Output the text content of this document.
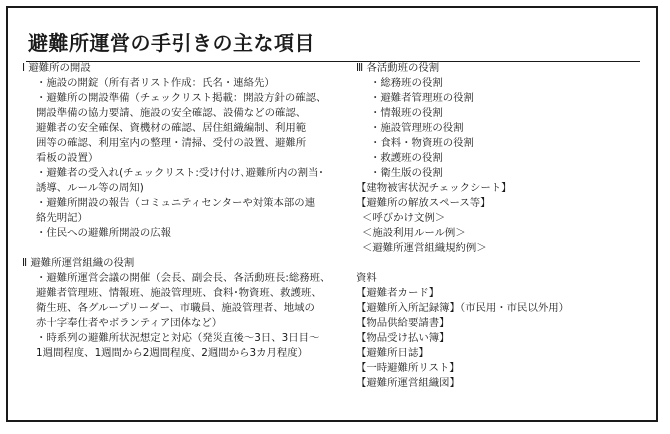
避難所運営の手引きの主な項目
Ⅰ 避難所の開設
・施設の開錠（所有者リスト作成：氏名・連絡先）
・避難所の開設準備（チェックリスト掲載：開設方針の確認、
開設準備の協力要請、施設の安全確認、設備などの確認、
避難者の安全確保、資機材の確認、居住組織編制、利用範
囲等の確認、利用室内の整理・清掃、受付の設置、避難所
看板の設置）
・避難者の受入れ(チェックリスト:受け付け､避難所内の割当･
誘導、ルール等の周知)
・避難所開設の報告（コミュニティセンターや対策本部の連
絡先明記）
・住民への避難所開設の広報
Ⅱ 避難所運営組織の役割
・避難所運営会議の開催（会長、副会長、各活動班長:総務班、
避難者管理班、情報班、施設管理班、食料･物資班、救護班、
衛生班、各グループリーダー、市職員、施設管理者、地域の
赤十字奉仕者やボランティア団体など）
・時系列の避難所状況想定と対応（発災直後～3日、3日目～
1週間程度、1週間から2週間程度、2週間から3カ月程度）
Ⅲ 各活動班の役割
・総務班の役割
・避難者管理班の役割
・情報班の役割
・施設管理班の役割
・食料・物資班の役割
・救護班の役割
・衛生版の役割
【建物被害状況チェックシート】
【避難所の解放スペース等】
＜呼びかけ文例＞
＜施設利用ルール例＞
＜避難所運営組織規約例＞
資料
【避難者カード】
【避難所入所記録簿】（市民用・市民以外用）
【物品供給要請書】
【物品受け払い簿】
【避難所日誌】
【一時避難所リスト】
【避難所運営組織図】
